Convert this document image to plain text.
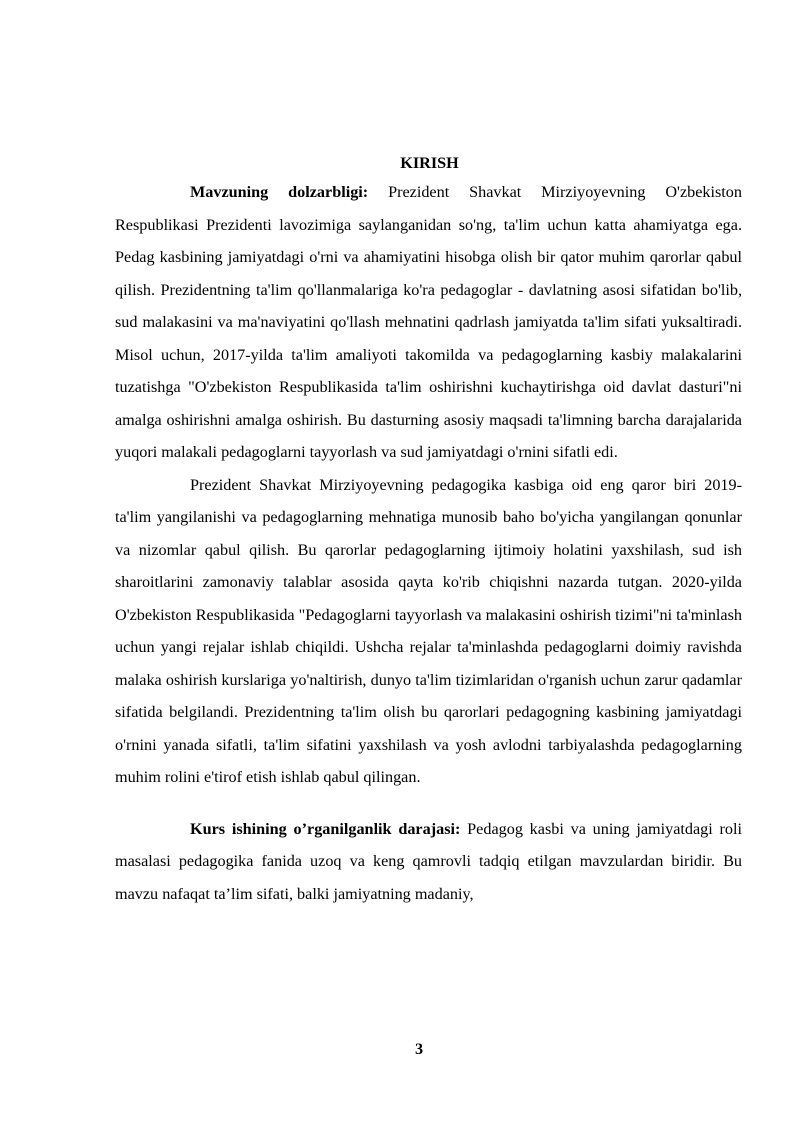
KIRISH

Mavzuning dolzarbligi: Prezident Shavkat Mirziyoyevning O'zbekiston Respublikasi Prezidenti lavozimiga saylanganidan so'ng, ta'lim uchun katta ahamiyatga ega. Pedag kasbining jamiyatdagi o'rni va ahamiyatini hisobga olish bir qator muhim qarorlar qabul qilish. Prezidentning ta'lim qo'llanmalariga ko'ra pedagoglar - davlatning asosi sifatidan bo'lib, sud malakasini va ma'naviyatini qo'llash mehnatini qadrlash jamiyatda ta'lim sifati yuksaltiradi. Misol uchun, 2017-yilda ta'lim amaliyoti takomilda va pedagoglarning kasbiy malakalarini tuzatishga "O'zbekiston Respublikasida ta'lim oshirishni kuchaytirishga oid davlat dasturi"ni amalga oshirishni amalga oshirish. Bu dasturning asosiy maqsadi ta'limning barcha darajalarida yuqori malakali pedagoglarni tayyorlash va sud jamiyatdagi o'rnini sifatli edi.

Prezident Shavkat Mirziyoyevning pedagogika kasbiga oid eng qaror biri 2019-ta'lim yangilanishi va pedagoglarning mehnatiga munosib baho bo'yicha yangilangan qonunlar va nizomlar qabul qilish. Bu qarorlar pedagoglarning ijtimoiy holatini yaxshilash, sud ish sharoitlarini zamonaviy talablar asosida qayta ko'rib chiqishni nazarda tutgan. 2020-yilda O'zbekiston Respublikasida "Pedagoglarni tayyorlash va malakasini oshirish tizimi"ni ta'minlash uchun yangi rejalar ishlab chiqildi. Ushcha rejalar ta'minlashda pedagoglarni doimiy ravishda malaka oshirish kurslariga yo'naltirish, dunyo ta'lim tizimlaridan o'rganish uchun zarur qadamlar sifatida belgilandi. Prezidentning ta'lim olish bu qarorlari pedagogning kasbining jamiyatdagi o'rnini yanada sifatli, ta'lim sifatini yaxshilash va yosh avlodni tarbiyalashda pedagoglarning muhim rolini e'tirof etish ishlab qabul qilingan.

Kurs ishining o’rganilganlik darajasi: Pedagog kasbi va uning jamiyatdagi roli masalasi pedagogika fanida uzoq va keng qamrovli tadqiq etilgan mavzulardan biridir. Bu mavzu nafaqat ta’lim sifati, balki jamiyatning madaniy,

3
